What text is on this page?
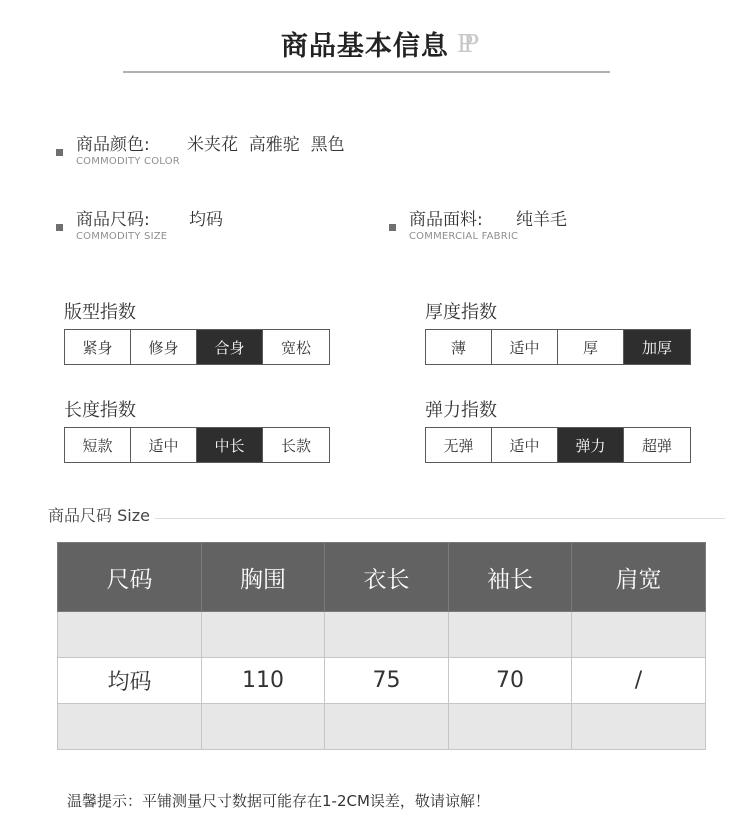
商品基本信息 PP
商品颜色:
COMMODITY COLOR
米夹花  高雅驼  黑色
商品尺码:
COMMODITY SIZE
均码	商品面料:
COMMERCIAL FABRIC
纯羊毛
版型指数
紧身	修身	合身	宽松
厚度指数
薄	适中	厚	加厚
长度指数
短款	适中	中长	长款
弹力指数
无弹	适中	弹力	超弹
商品尺码 Size
尺码	胸围	衣长	袖长	肩宽

均码	110	75	70	/

温馨提示：平铺测量尺寸数据可能存在1-2CM误差，敬请谅解！
